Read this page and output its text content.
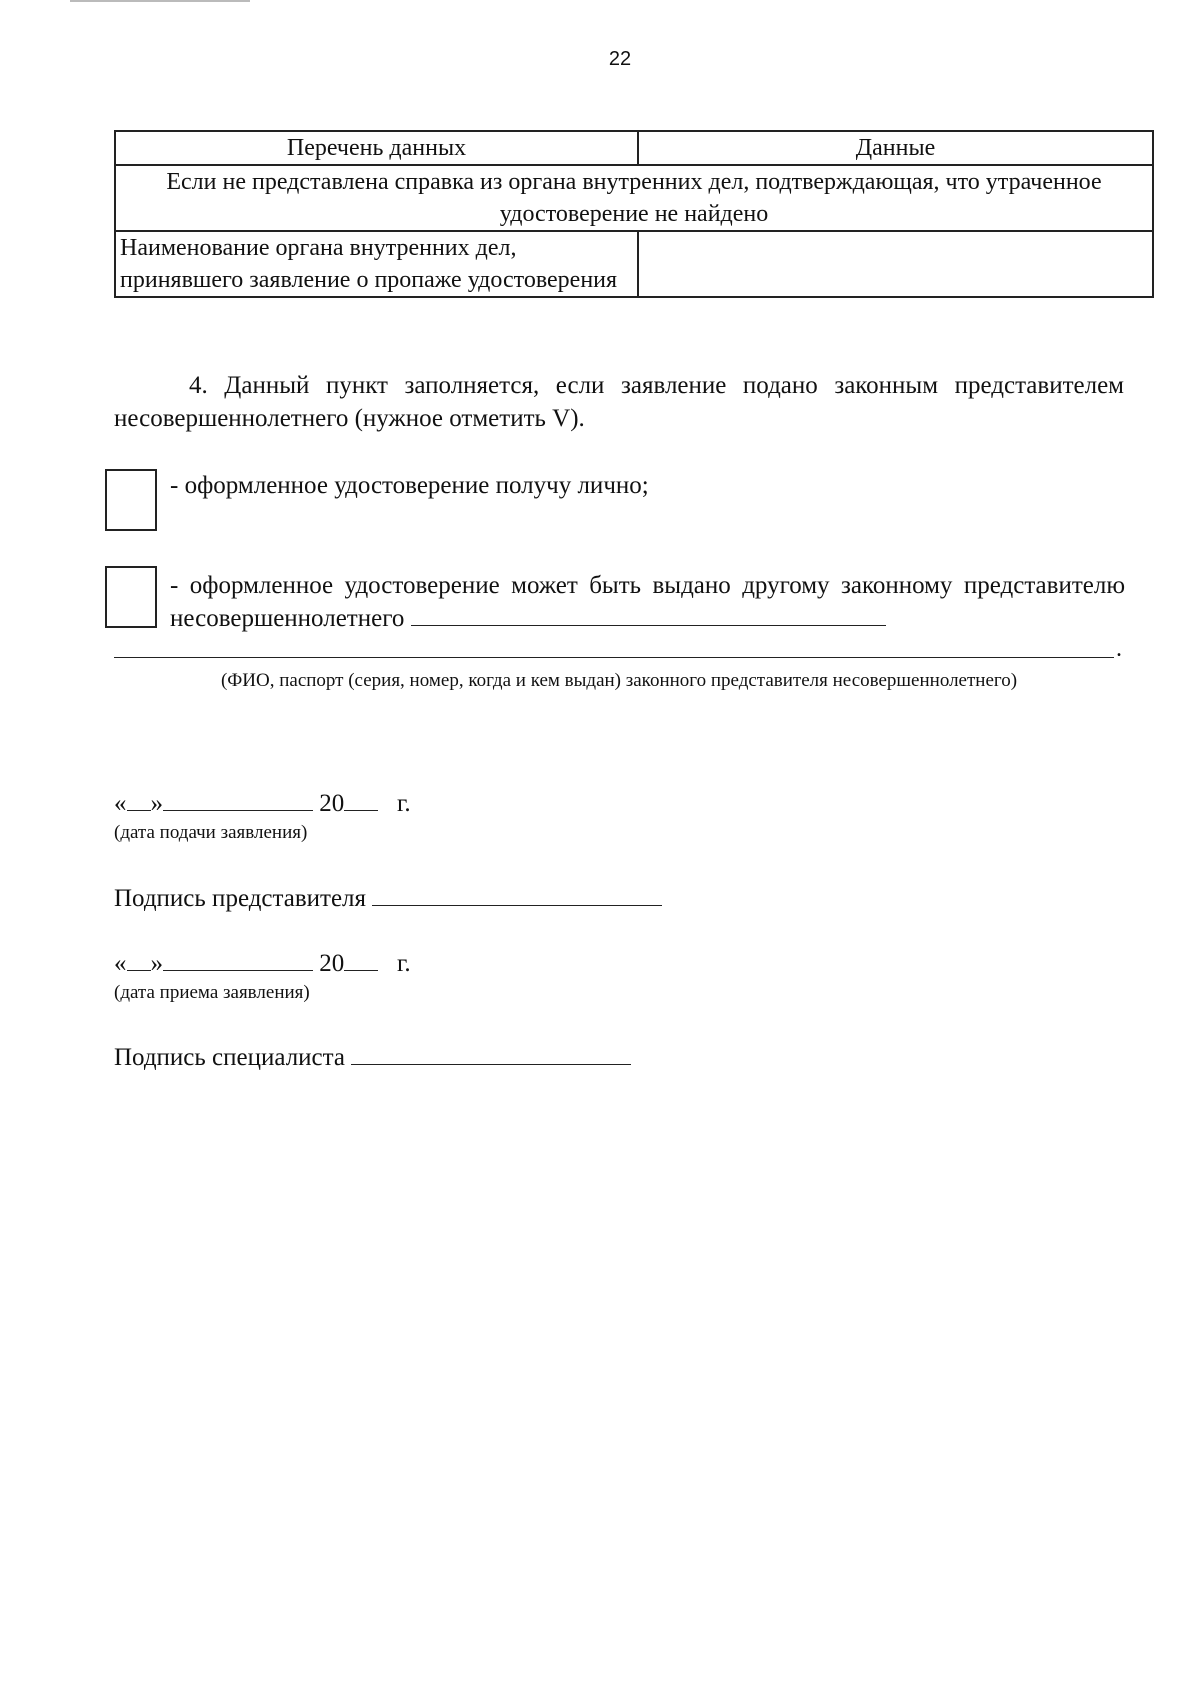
22
Перечень данных	Данные
Если не представлена справка из органа внутренних дел, подтверждающая, что утраченное удостоверение не найдено	
Наименование органа внутренних дел, принявшего заявление о пропаже удостоверения	
4. Данный пункт заполняется, если заявление подано законным представителем несовершеннолетнего (нужное отметить V).
- оформленное удостоверение получу лично;
- оформленное удостоверение может быть выдано другому законному представителю несовершеннолетнего
.
(ФИО, паспорт (серия, номер, когда и кем выдан) законного представителя несовершеннолетнего)
« »	20 г.
(дата подачи заявления)
Подпись представителя
« »	20 г.
(дата приема заявления)
Подпись специалиста
